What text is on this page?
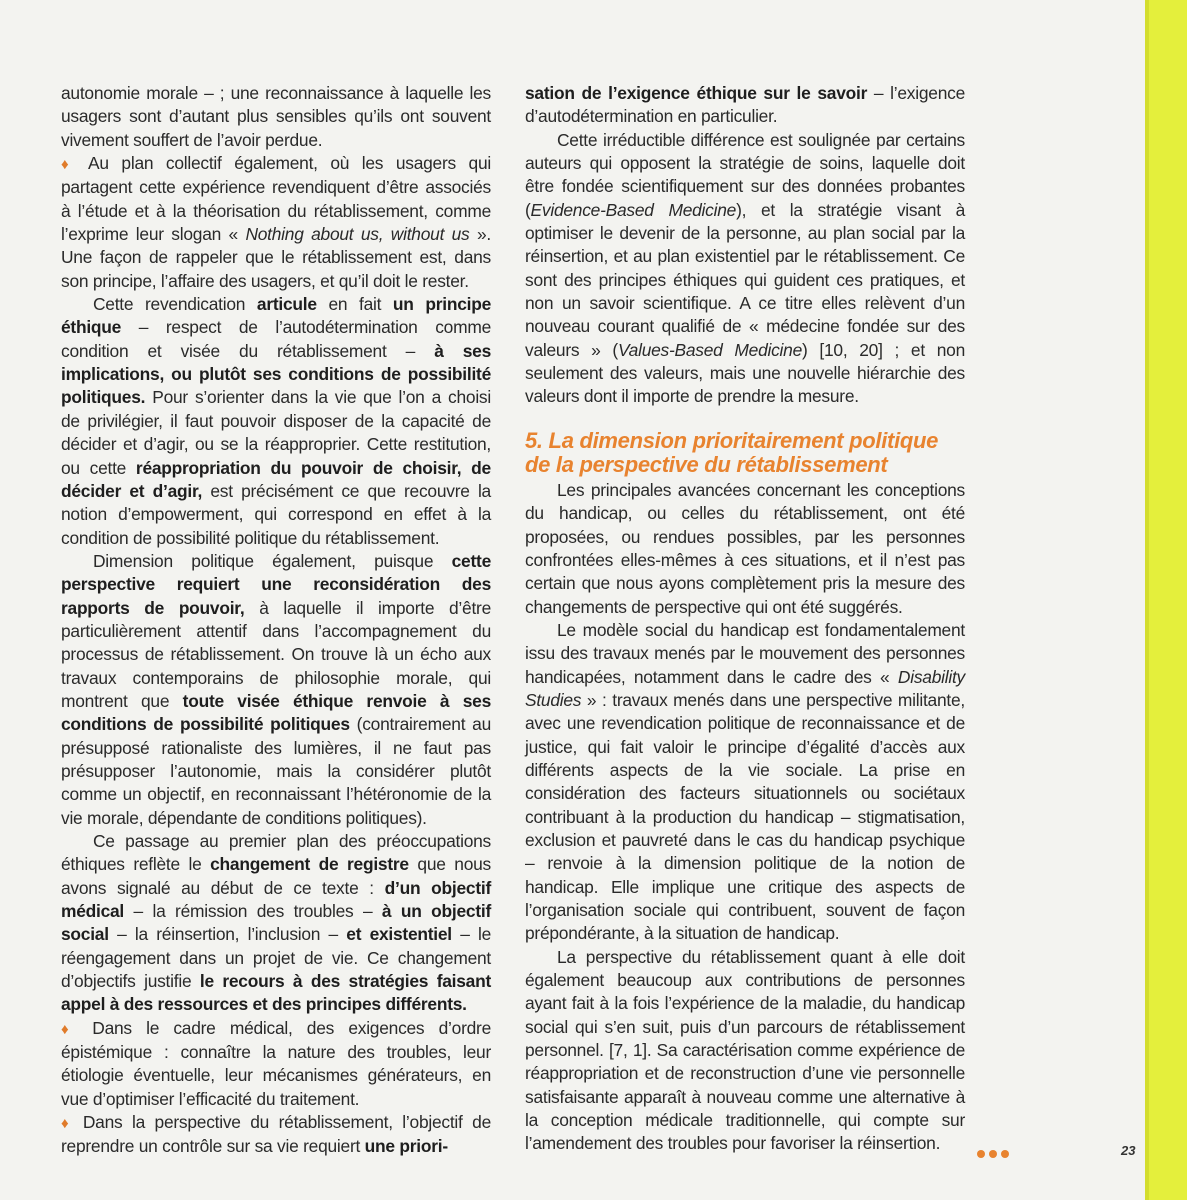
autonomie morale – ; une reconnaissance à laquelle les usagers sont d’autant plus sensibles qu’ils ont souvent vivement souffert de l’avoir perdue.

♦ Au plan collectif également, où les usagers qui partagent cette expérience revendiquent d’être associés à l’étude et à la théorisation du rétablissement, comme l’exprime leur slogan « Nothing about us, without us ». Une façon de rappeler que le rétablissement est, dans son principe, l’affaire des usagers, et qu’il doit le rester.

Cette revendication articule en fait un principe éthique – respect de l’autodétermination comme condition et visée du rétablissement – à ses implications, ou plutôt ses conditions de possibilité politiques. Pour s’orienter dans la vie que l’on a choisi de privilégier, il faut pouvoir disposer de la capacité de décider et d’agir, ou se la réapproprier. Cette restitution, ou cette réappropriation du pouvoir de choisir, de décider et d’agir, est précisément ce que recouvre la notion d’empowerment, qui correspond en effet à la condition de possibilité politique du rétablissement.

Dimension politique également, puisque cette perspective requiert une reconsidération des rapports de pouvoir, à laquelle il importe d’être particulièrement attentif dans l’accompagnement du processus de rétablissement. On trouve là un écho aux travaux contemporains de philosophie morale, qui montrent que toute visée éthique renvoie à ses conditions de possibilité politiques (contrairement au présupposé rationaliste des lumières, il ne faut pas présupposer l’autonomie, mais la considérer plutôt comme un objectif, en reconnaissant l’hétéronomie de la vie morale, dépendante de conditions politiques).

Ce passage au premier plan des préoccupations éthiques reflète le changement de registre que nous avons signalé au début de ce texte : d’un objectif médical – la rémission des troubles – à un objectif social – la réinsertion, l’inclusion – et existentiel – le réengagement dans un projet de vie. Ce changement d’objectifs justifie le recours à des stratégies faisant appel à des ressources et des principes différents.

♦ Dans le cadre médical, des exigences d’ordre épistémique : connaître la nature des troubles, leur étiologie éventuelle, leur mécanismes générateurs, en vue d’optimiser l’efficacité du traitement.

♦ Dans la perspective du rétablissement, l’objectif de reprendre un contrôle sur sa vie requiert une priori-

sation de l’exigence éthique sur le savoir – l’exigence d’autodétermination en particulier.

Cette irréductible différence est soulignée par certains auteurs qui opposent la stratégie de soins, laquelle doit être fondée scientifiquement sur des données probantes (Evidence-Based Medicine), et la stratégie visant à optimiser le devenir de la personne, au plan social par la réinsertion, et au plan existentiel par le rétablissement. Ce sont des principes éthiques qui guident ces pratiques, et non un savoir scientifique. A ce titre elles relèvent d’un nouveau courant qualifié de « médecine fondée sur des valeurs » (Values-Based Medicine) [10, 20] ; et non seulement des valeurs, mais une nouvelle hiérarchie des valeurs dont il importe de prendre la mesure.

5. La dimension prioritairement politique
de la perspective du rétablissement

Les principales avancées concernant les conceptions du handicap, ou celles du rétablissement, ont été proposées, ou rendues possibles, par les personnes confrontées elles-mêmes à ces situations, et il n’est pas certain que nous ayons complètement pris la mesure des changements de perspective qui ont été suggérés.

Le modèle social du handicap est fondamentalement issu des travaux menés par le mouvement des personnes handicapées, notamment dans le cadre des « Disability Studies » : travaux menés dans une perspective militante, avec une revendication politique de reconnaissance et de justice, qui fait valoir le principe d’égalité d’accès aux différents aspects de la vie sociale. La prise en considération des facteurs situationnels ou sociétaux contribuant à la production du handicap – stigmatisation, exclusion et pauvreté dans le cas du handicap psychique – renvoie à la dimension politique de la notion de handicap. Elle implique une critique des aspects de l’organisation sociale qui contribuent, souvent de façon prépondérante, à la situation de handicap.

La perspective du rétablissement quant à elle doit également beaucoup aux contributions de personnes ayant fait à la fois l’expérience de la maladie, du handicap social qui s’en suit, puis d’un parcours de rétablissement personnel. [7, 1]. Sa caractérisation comme expérience de réappropriation et de reconstruction d’une vie personnelle satisfaisante apparaît à nouveau comme une alternative à la conception médicale traditionnelle, qui compte sur l’amendement des troubles pour favoriser la réinsertion.	23
